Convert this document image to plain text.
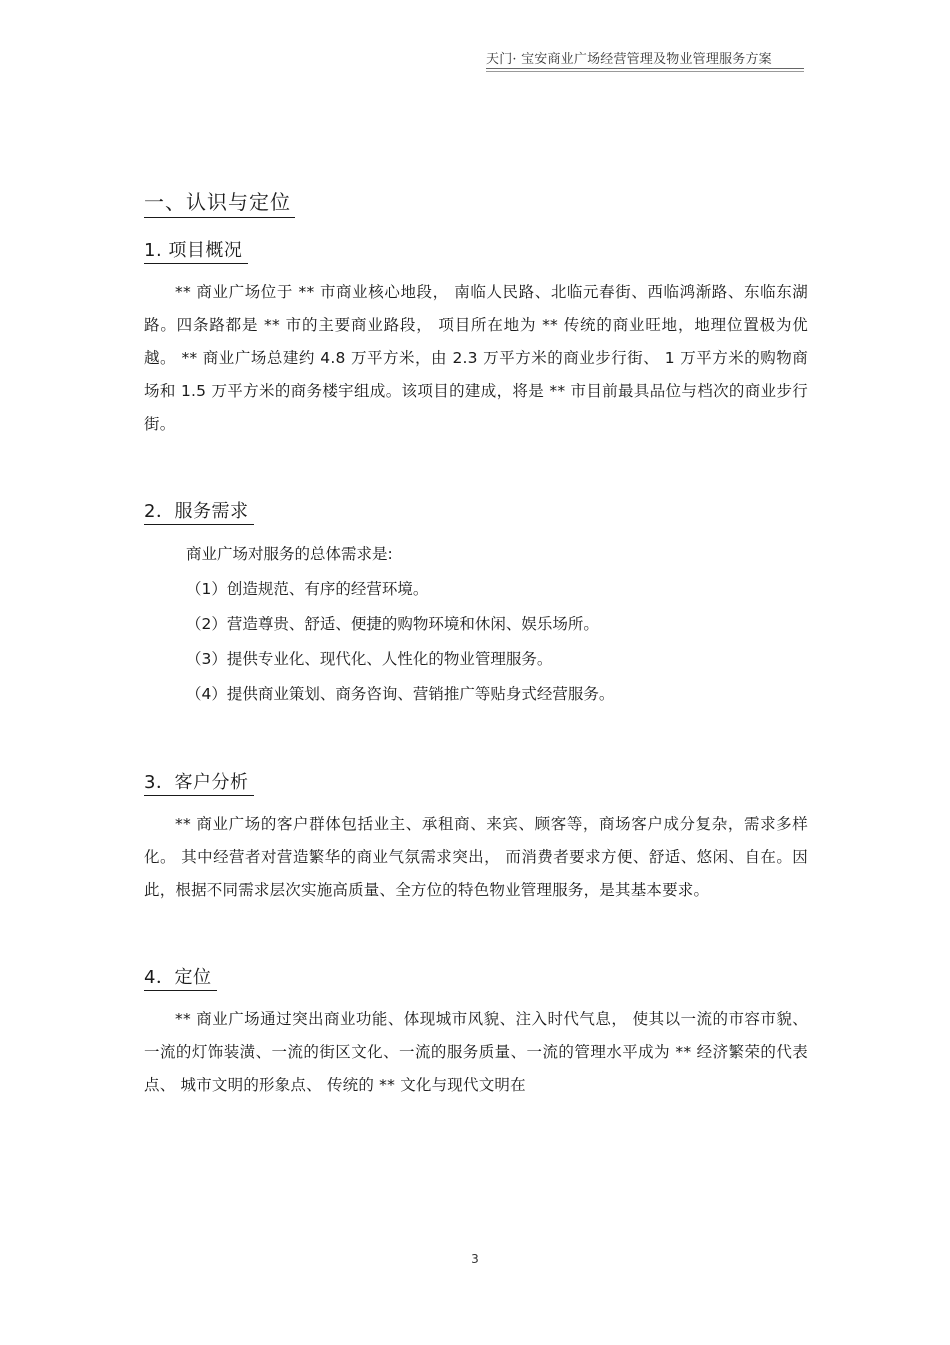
天门· 宝安商业广场经营管理及物业管理服务方案
一、认识与定位
1. 项目概况

** 商业广场位于 ** 市商业核心地段， 南临人民路、北临元春街、西临鸿渐路、东临东湖路。四条路都是 ** 市的主要商业路段， 项目所在地为 ** 传统的商业旺地，地理位置极为优越。 ** 商业广场总建约 4.8 万平方米，由 2.3 万平方米的商业步行街、 1 万平方米的购物商场和 1.5 万平方米的商务楼宇组成。该项目的建成，将是 ** 市目前最具品位与档次的商业步行街。

2．服务需求

商业广场对服务的总体需求是:

（1）创造规范、有序的经营环境。
（2）营造尊贵、舒适、便捷的购物环境和休闲、娱乐场所。
（3）提供专业化、现代化、人性化的物业管理服务。
（4）提供商业策划、商务咨询、营销推广等贴身式经营服务。
3．客户分析

** 商业广场的客户群体包括业主、承租商、来宾、顾客等，商场客户成分复杂，需求多样化。 其中经营者对营造繁华的商业气氛需求突出， 而消费者要求方便、舒适、悠闲、自在。因此，根据不同需求层次实施高质量、全方位的特色物业管理服务，是其基本要求。

4．定位

** 商业广场通过突出商业功能、体现城市风貌、注入时代气息， 使其以一流的市容市貌、一流的灯饰装潢、一流的街区文化、一流的服务质量、一流的管理水平成为 ** 经济繁荣的代表点、 城市文明的形象点、 传统的 ** 文化与现代文明在

3
